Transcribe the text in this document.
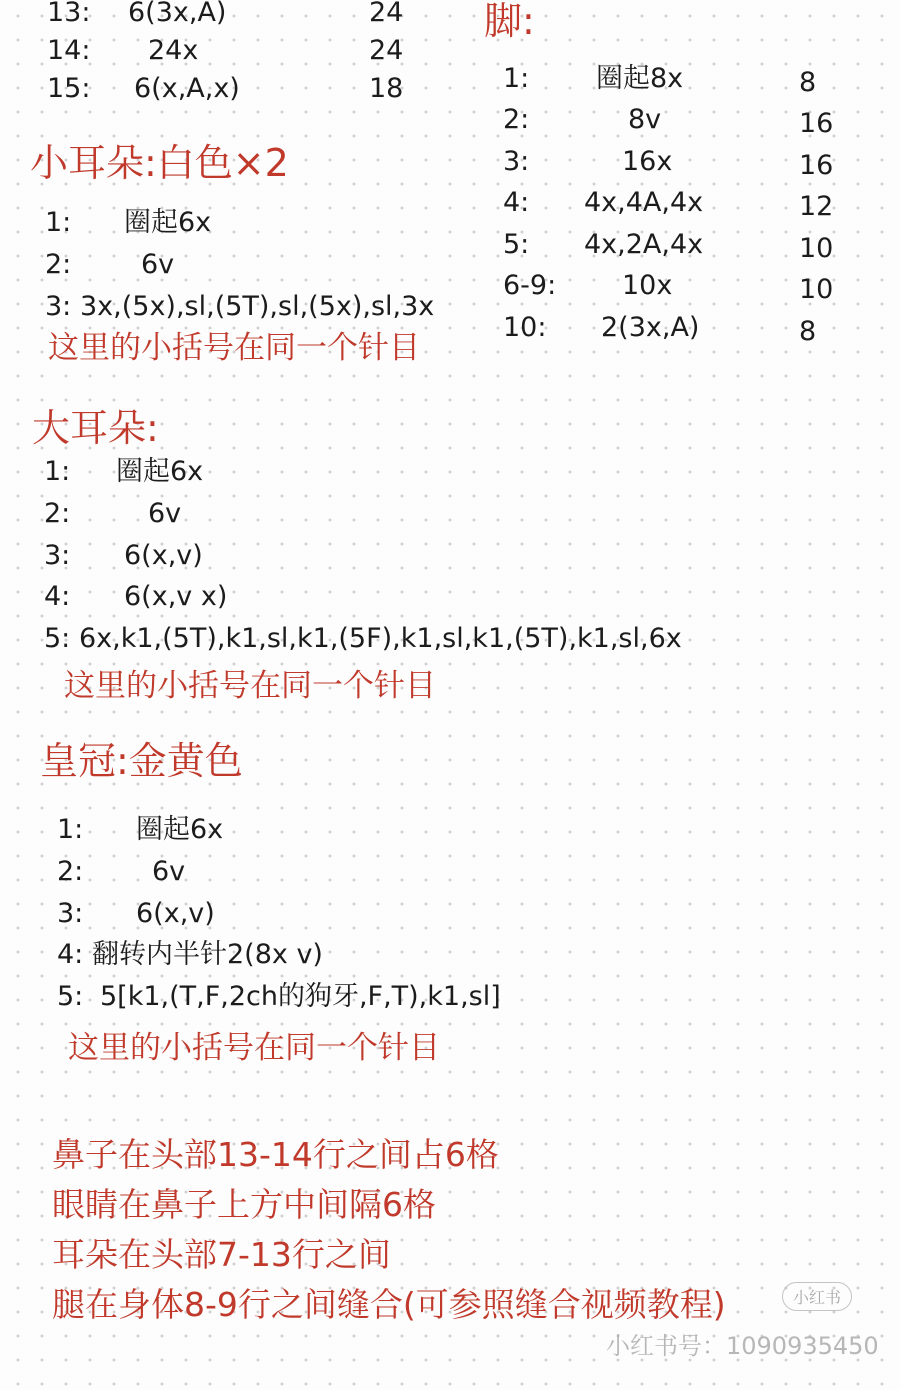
13: 6(3x,A)	24
14: 24x	24
15: 6(x,A,x)	18
脚:
1: 圈起8x	8
2:	8v	16
3:	16x	16
4: 4x,4A,4x	12
5: 4x,2A,4x	10
6-9: 10x	10
10: 2(3x,A)	8
小耳朵:白色×2
1: 圈起6x
2:	6v
3: 3x,(5x),sl,(5T),sl,(5x),sl,3x
这里的小括号在同一个针目
大耳朵:
1: 圈起6x
2:	6v
3: 6(x,v)
4: 6(x,v x)
5: 6x,k1,(5T),k1,sl,k1,(5F),k1,sl,k1,(5T),k1,sl,6x
这里的小括号在同一个针目
皇冠:金黄色
1: 圈起6x
2:	6v
3: 6(x,v)
4: 翻转内半针2(8x v)
5: 5[k1,(T,F,2ch的狗牙,F,T),k1,sl]
这里的小括号在同一个针目
鼻子在头部13-14行之间占6格
眼睛在鼻子上方中间隔6格
耳朵在头部7-13行之间
腿在身体8-9行之间缝合(可参照缝合视频教程)	小红书
小红书号：1090935450
